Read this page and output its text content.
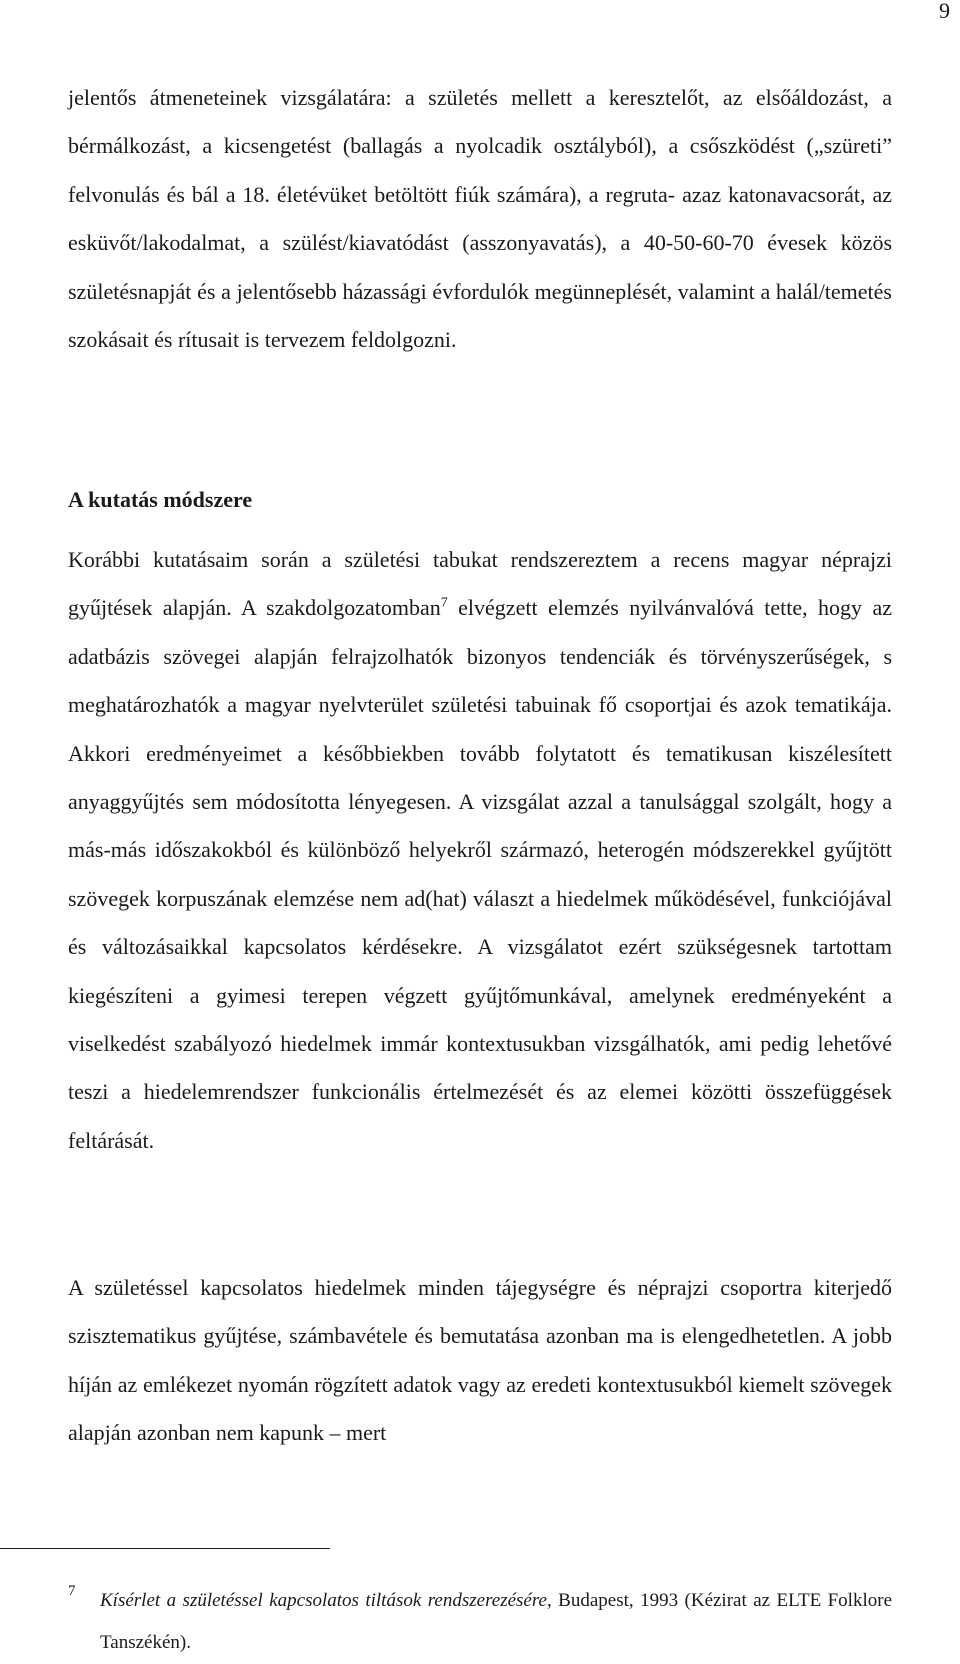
9

jelentős átmeneteinek vizsgálatára: a születés mellett a keresztelőt, az elsőáldozást, a bérmálkozást, a kicsengetést (ballagás a nyolcadik osztályból), a csőszködést („szüreti” felvonulás és bál a 18. életévüket betöltött fiúk számára), a regruta- azaz katonavacsorát, az esküvőt/lakodalmat, a szülést/kiavatódást (asszonyavatás), a 40-50-60-70 évesek közös születésnapját és a jelentősebb házassági évfordulók megünneplését, valamint a halál/temetés szokásait és rítusait is tervezem feldolgozni.

A kutatás módszere

Korábbi kutatásaim során a születési tabukat rendszereztem a recens magyar néprajzi gyűjtések alapján. A szakdolgozatomban$^7$ elvégzett elemzés nyilvánvalóvá tette, hogy az adatbázis szövegei alapján felrajzolhatók bizonyos tendenciák és törvényszerűségek, s meghatározhatók a magyar nyelvterület születési tabuinak fő csoportjai és azok tematikája. Akkori eredményeimet a későbbiekben tovább folytatott és tematikusan kiszélesített anyaggyűjtés sem módosította lényegesen. A vizsgálat azzal a tanulsággal szolgált, hogy a más-más időszakokból és különböző helyekről származó, heterogén módszerekkel gyűjtött szövegek korpuszának elemzése nem ad(hat) választ a hiedelmek működésével, funkciójával és változásaikkal kapcsolatos kérdésekre. A vizsgálatot ezért szükségesnek tartottam kiegészíteni a gyimesi terepen végzett gyűjtőmunkával, amelynek eredményeként a viselkedést szabályozó hiedelmek immár kontextusukban vizsgálhatók, ami pedig lehetővé teszi a hiedelemrendszer funkcionális értelmezését és az elemei közötti összefüggések feltárását.

A születéssel kapcsolatos hiedelmek minden tájegységre és néprajzi csoportra kiterjedő szisztematikus gyűjtése, számbavétele és bemutatása azonban ma is elengedhetetlen. A jobb híján az emlékezet nyomán rögzített adatok vagy az eredeti kontextusukból kiemelt szövegek alapján azonban nem kapunk – mert

7 Kísérlet a születéssel kapcsolatos tiltások rendszerezésére, Budapest, 1993 (Kézirat az ELTE Folklore Tanszékén).
